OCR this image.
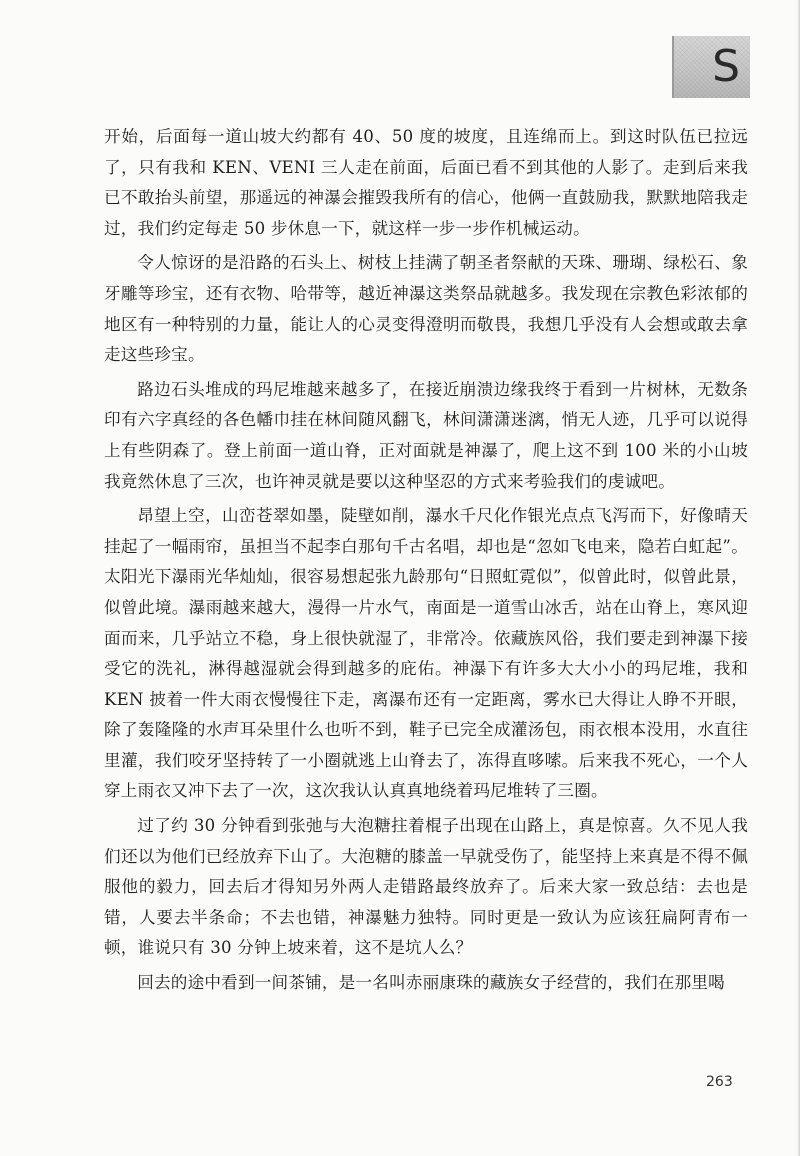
S

开始，后面每一道山坡大约都有 40、50 度的坡度，且连绵而上。到这时队伍已拉远了，只有我和 KEN、VENI 三人走在前面，后面已看不到其他的人影了。走到后来我已不敢抬头前望，那遥远的神瀑会摧毁我所有的信心，他俩一直鼓励我，默默地陪我走过，我们约定每走 50 步休息一下，就这样一步一步作机械运动。

令人惊讶的是沿路的石头上、树枝上挂满了朝圣者祭献的天珠、珊瑚、绿松石、象牙雕等珍宝，还有衣物、哈带等，越近神瀑这类祭品就越多。我发现在宗教色彩浓郁的地区有一种特别的力量，能让人的心灵变得澄明而敬畏，我想几乎没有人会想或敢去拿走这些珍宝。

路边石头堆成的玛尼堆越来越多了，在接近崩溃边缘我终于看到一片树林，无数条印有六字真经的各色幡巾挂在林间随风翻飞，林间潇潇迷漓，悄无人迹，几乎可以说得上有些阴森了。登上前面一道山脊，正对面就是神瀑了，爬上这不到 100 米的小山坡我竟然休息了三次，也许神灵就是要以这种坚忍的方式来考验我们的虔诚吧。

昂望上空，山峦苍翠如墨，陡壁如削，瀑水千尺化作银光点点飞泻而下，好像晴天挂起了一幅雨帘，虽担当不起李白那句千古名唱，却也是“忽如飞电来，隐若白虹起”。太阳光下瀑雨光华灿灿，很容易想起张九龄那句“日照虹霓似”，似曾此时，似曾此景，似曾此境。瀑雨越来越大，漫得一片水气，南面是一道雪山冰舌，站在山脊上，寒风迎面而来，几乎站立不稳，身上很快就湿了，非常冷。依藏族风俗，我们要走到神瀑下接受它的洗礼，淋得越湿就会得到越多的庇佑。神瀑下有许多大大小小的玛尼堆，我和 KEN 披着一件大雨衣慢慢往下走，离瀑布还有一定距离，雾水已大得让人睁不开眼，除了轰隆隆的水声耳朵里什么也听不到，鞋子已完全成灌汤包，雨衣根本没用，水直往里灌，我们咬牙坚持转了一小圈就逃上山脊去了，冻得直哆嗦。后来我不死心，一个人穿上雨衣又冲下去了一次，这次我认认真真地绕着玛尼堆转了三圈。

过了约 30 分钟看到张弛与大泡糖拄着棍子出现在山路上，真是惊喜。久不见人我们还以为他们已经放弃下山了。大泡糖的膝盖一早就受伤了，能坚持上来真是不得不佩服他的毅力，回去后才得知另外两人走错路最终放弃了。后来大家一致总结：去也是错，人要去半条命；不去也错，神瀑魅力独特。同时更是一致认为应该狂扁阿青布一顿，谁说只有 30 分钟上坡来着，这不是坑人么？

回去的途中看到一间茶铺，是一名叫赤丽康珠的藏族女子经营的，我们在那里喝

263
